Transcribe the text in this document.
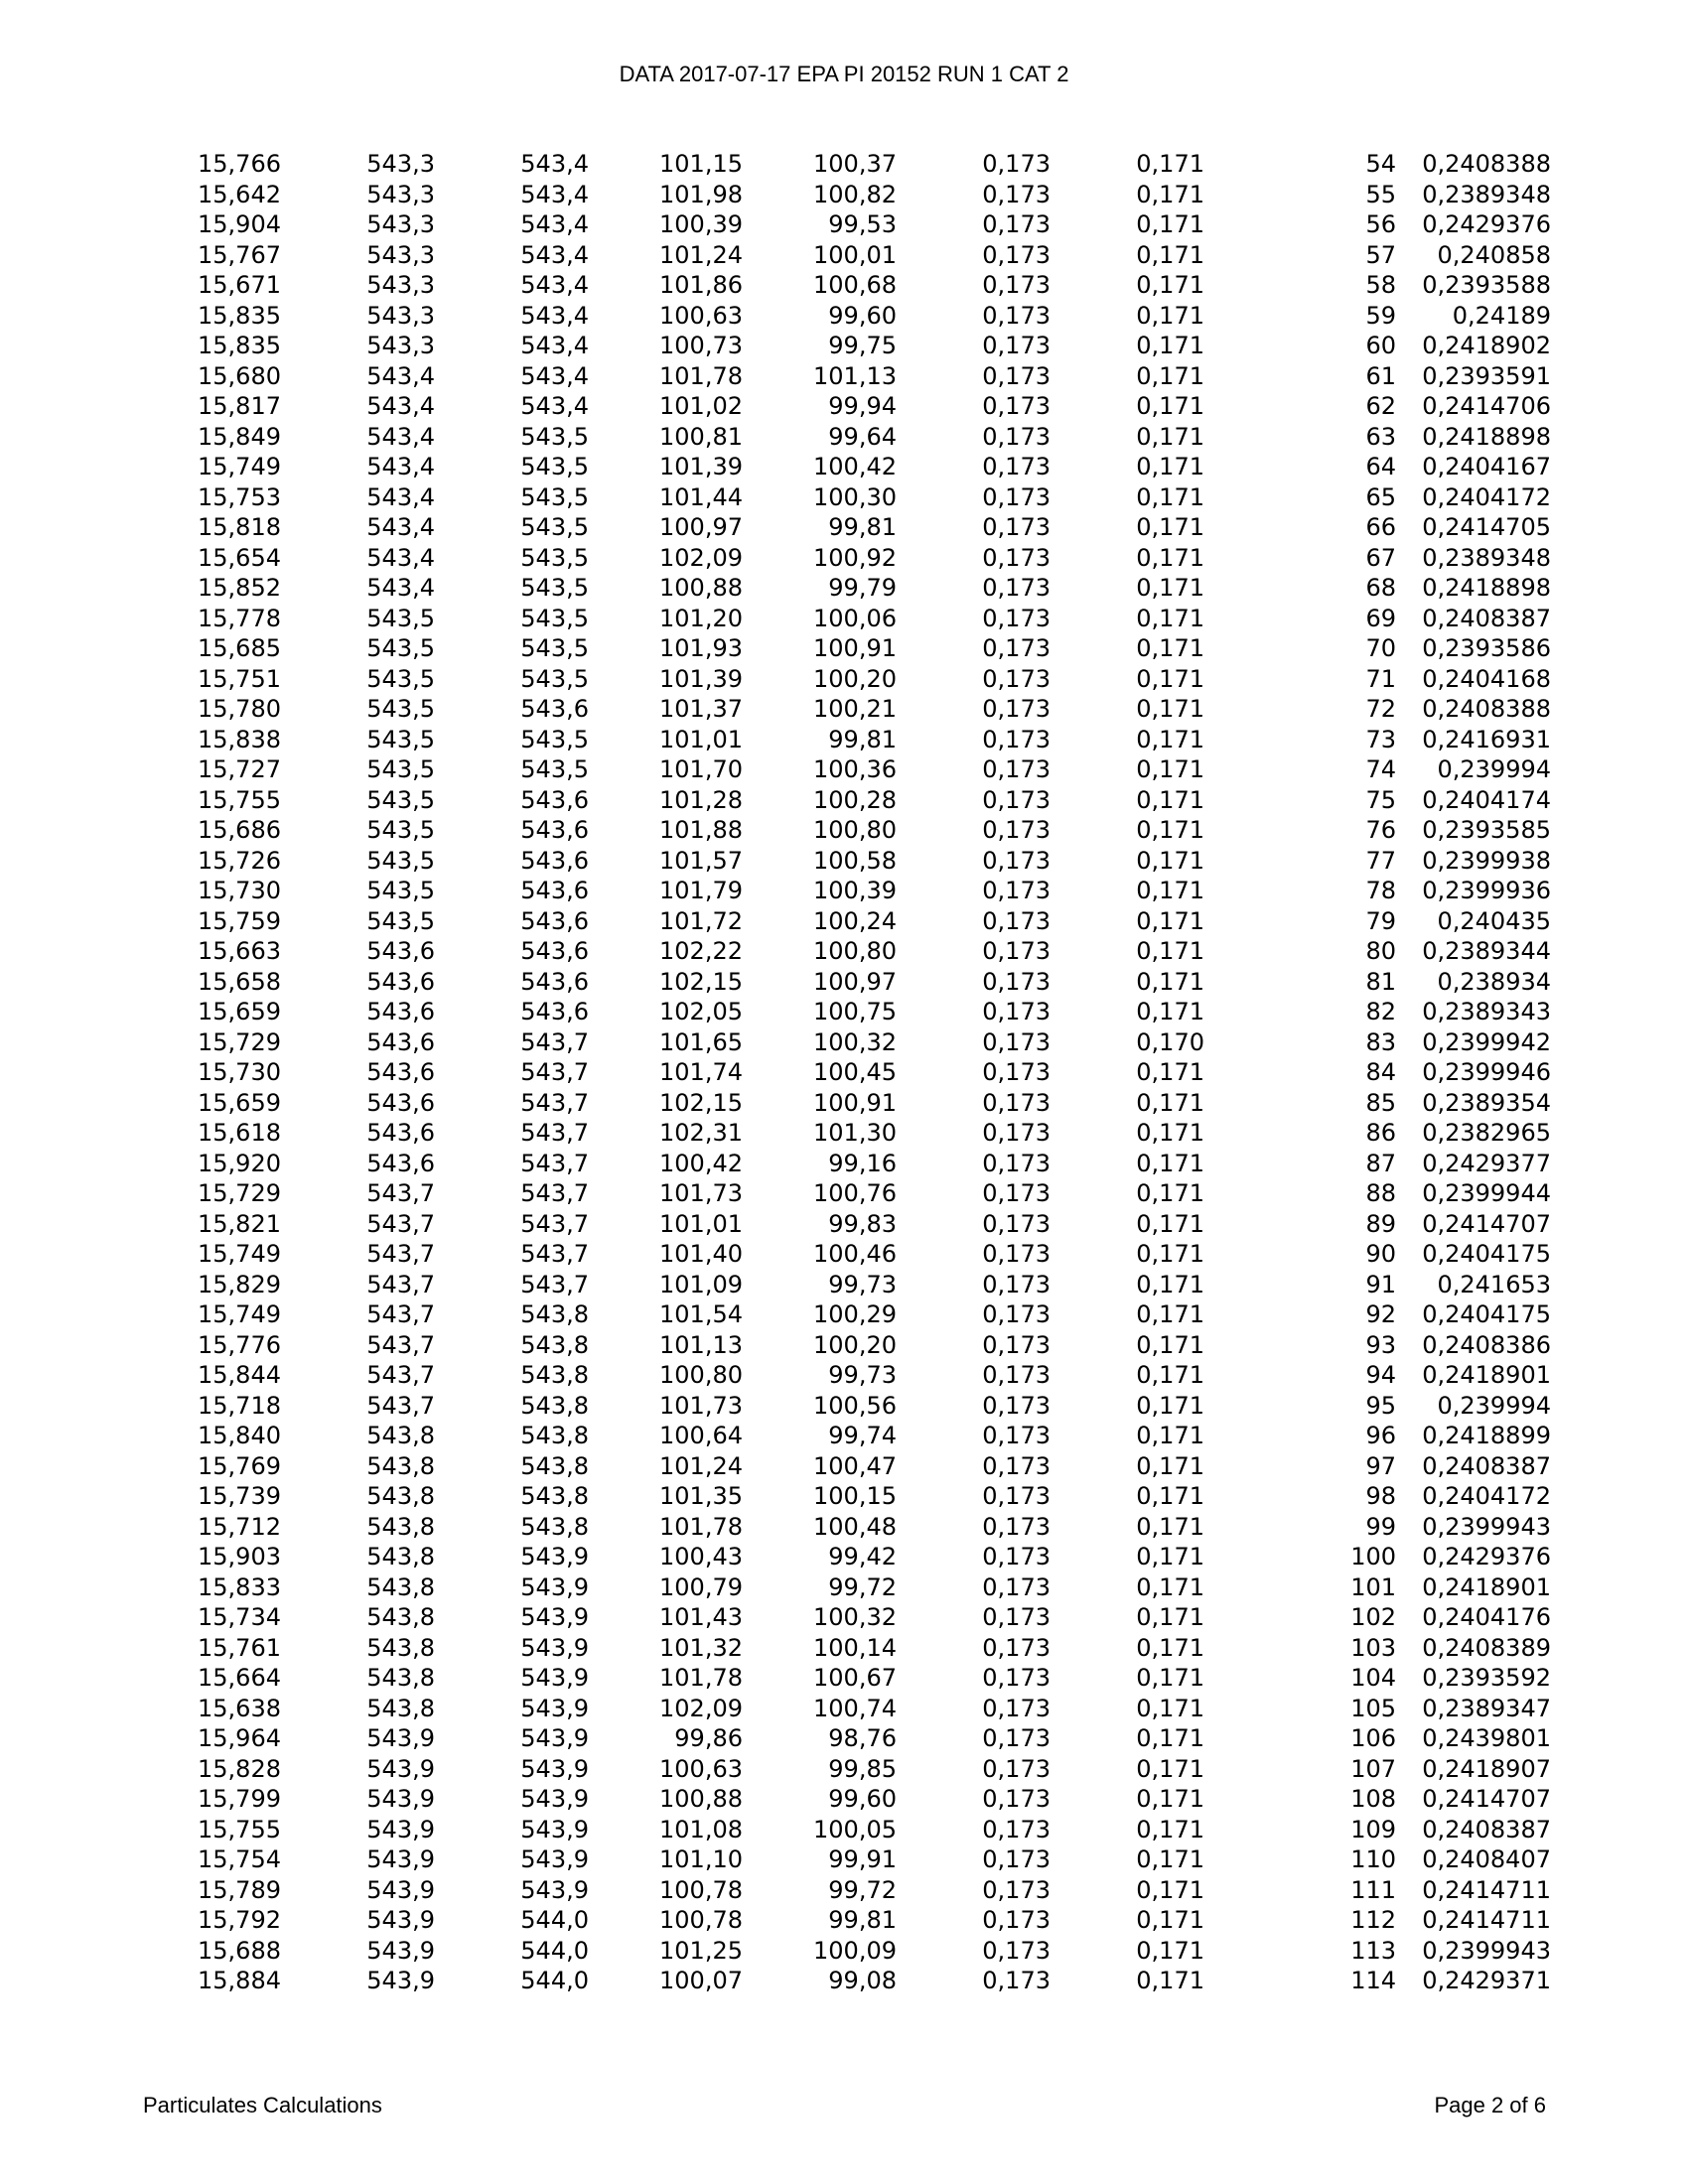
DATA 2017-07-17 EPA PI 20152 RUN 1 CAT 2
	15,766	543,3	543,4	101,15	100,37	0,173	0,171	54	0,2408388
	15,642	543,3	543,4	101,98	100,82	0,173	0,171	55	0,2389348
	15,904	543,3	543,4	100,39	99,53	0,173	0,171	56	0,2429376
	15,767	543,3	543,4	101,24	100,01	0,173	0,171	57	0,240858
	15,671	543,3	543,4	101,86	100,68	0,173	0,171	58	0,2393588
	15,835	543,3	543,4	100,63	99,60	0,173	0,171	59	0,24189
	15,835	543,3	543,4	100,73	99,75	0,173	0,171	60	0,2418902
	15,680	543,4	543,4	101,78	101,13	0,173	0,171	61	0,2393591
	15,817	543,4	543,4	101,02	99,94	0,173	0,171	62	0,2414706
	15,849	543,4	543,5	100,81	99,64	0,173	0,171	63	0,2418898
	15,749	543,4	543,5	101,39	100,42	0,173	0,171	64	0,2404167
	15,753	543,4	543,5	101,44	100,30	0,173	0,171	65	0,2404172
	15,818	543,4	543,5	100,97	99,81	0,173	0,171	66	0,2414705
	15,654	543,4	543,5	102,09	100,92	0,173	0,171	67	0,2389348
	15,852	543,4	543,5	100,88	99,79	0,173	0,171	68	0,2418898
	15,778	543,5	543,5	101,20	100,06	0,173	0,171	69	0,2408387
	15,685	543,5	543,5	101,93	100,91	0,173	0,171	70	0,2393586
	15,751	543,5	543,5	101,39	100,20	0,173	0,171	71	0,2404168
	15,780	543,5	543,6	101,37	100,21	0,173	0,171	72	0,2408388
	15,838	543,5	543,5	101,01	99,81	0,173	0,171	73	0,2416931
	15,727	543,5	543,5	101,70	100,36	0,173	0,171	74	0,239994
	15,755	543,5	543,6	101,28	100,28	0,173	0,171	75	0,2404174
	15,686	543,5	543,6	101,88	100,80	0,173	0,171	76	0,2393585
	15,726	543,5	543,6	101,57	100,58	0,173	0,171	77	0,2399938
	15,730	543,5	543,6	101,79	100,39	0,173	0,171	78	0,2399936
	15,759	543,5	543,6	101,72	100,24	0,173	0,171	79	0,240435
	15,663	543,6	543,6	102,22	100,80	0,173	0,171	80	0,2389344
	15,658	543,6	543,6	102,15	100,97	0,173	0,171	81	0,238934
	15,659	543,6	543,6	102,05	100,75	0,173	0,171	82	0,2389343
	15,729	543,6	543,7	101,65	100,32	0,173	0,170	83	0,2399942
	15,730	543,6	543,7	101,74	100,45	0,173	0,171	84	0,2399946
	15,659	543,6	543,7	102,15	100,91	0,173	0,171	85	0,2389354
	15,618	543,6	543,7	102,31	101,30	0,173	0,171	86	0,2382965
	15,920	543,6	543,7	100,42	99,16	0,173	0,171	87	0,2429377
	15,729	543,7	543,7	101,73	100,76	0,173	0,171	88	0,2399944
	15,821	543,7	543,7	101,01	99,83	0,173	0,171	89	0,2414707
	15,749	543,7	543,7	101,40	100,46	0,173	0,171	90	0,2404175
	15,829	543,7	543,7	101,09	99,73	0,173	0,171	91	0,241653
	15,749	543,7	543,8	101,54	100,29	0,173	0,171	92	0,2404175
	15,776	543,7	543,8	101,13	100,20	0,173	0,171	93	0,2408386
	15,844	543,7	543,8	100,80	99,73	0,173	0,171	94	0,2418901
	15,718	543,7	543,8	101,73	100,56	0,173	0,171	95	0,239994
	15,840	543,8	543,8	100,64	99,74	0,173	0,171	96	0,2418899
	15,769	543,8	543,8	101,24	100,47	0,173	0,171	97	0,2408387
	15,739	543,8	543,8	101,35	100,15	0,173	0,171	98	0,2404172
	15,712	543,8	543,8	101,78	100,48	0,173	0,171	99	0,2399943
	15,903	543,8	543,9	100,43	99,42	0,173	0,171	100	0,2429376
	15,833	543,8	543,9	100,79	99,72	0,173	0,171	101	0,2418901
	15,734	543,8	543,9	101,43	100,32	0,173	0,171	102	0,2404176
	15,761	543,8	543,9	101,32	100,14	0,173	0,171	103	0,2408389
	15,664	543,8	543,9	101,78	100,67	0,173	0,171	104	0,2393592
	15,638	543,8	543,9	102,09	100,74	0,173	0,171	105	0,2389347
	15,964	543,9	543,9	99,86	98,76	0,173	0,171	106	0,2439801
	15,828	543,9	543,9	100,63	99,85	0,173	0,171	107	0,2418907
	15,799	543,9	543,9	100,88	99,60	0,173	0,171	108	0,2414707
	15,755	543,9	543,9	101,08	100,05	0,173	0,171	109	0,2408387
	15,754	543,9	543,9	101,10	99,91	0,173	0,171	110	0,2408407
	15,789	543,9	543,9	100,78	99,72	0,173	0,171	111	0,2414711
	15,792	543,9	544,0	100,78	99,81	0,173	0,171	112	0,2414711
	15,688	543,9	544,0	101,25	100,09	0,173	0,171	113	0,2399943
	15,884	543,9	544,0	100,07	99,08	0,173	0,171	114	0,2429371
Particulates Calculations	Page 2 of 6
